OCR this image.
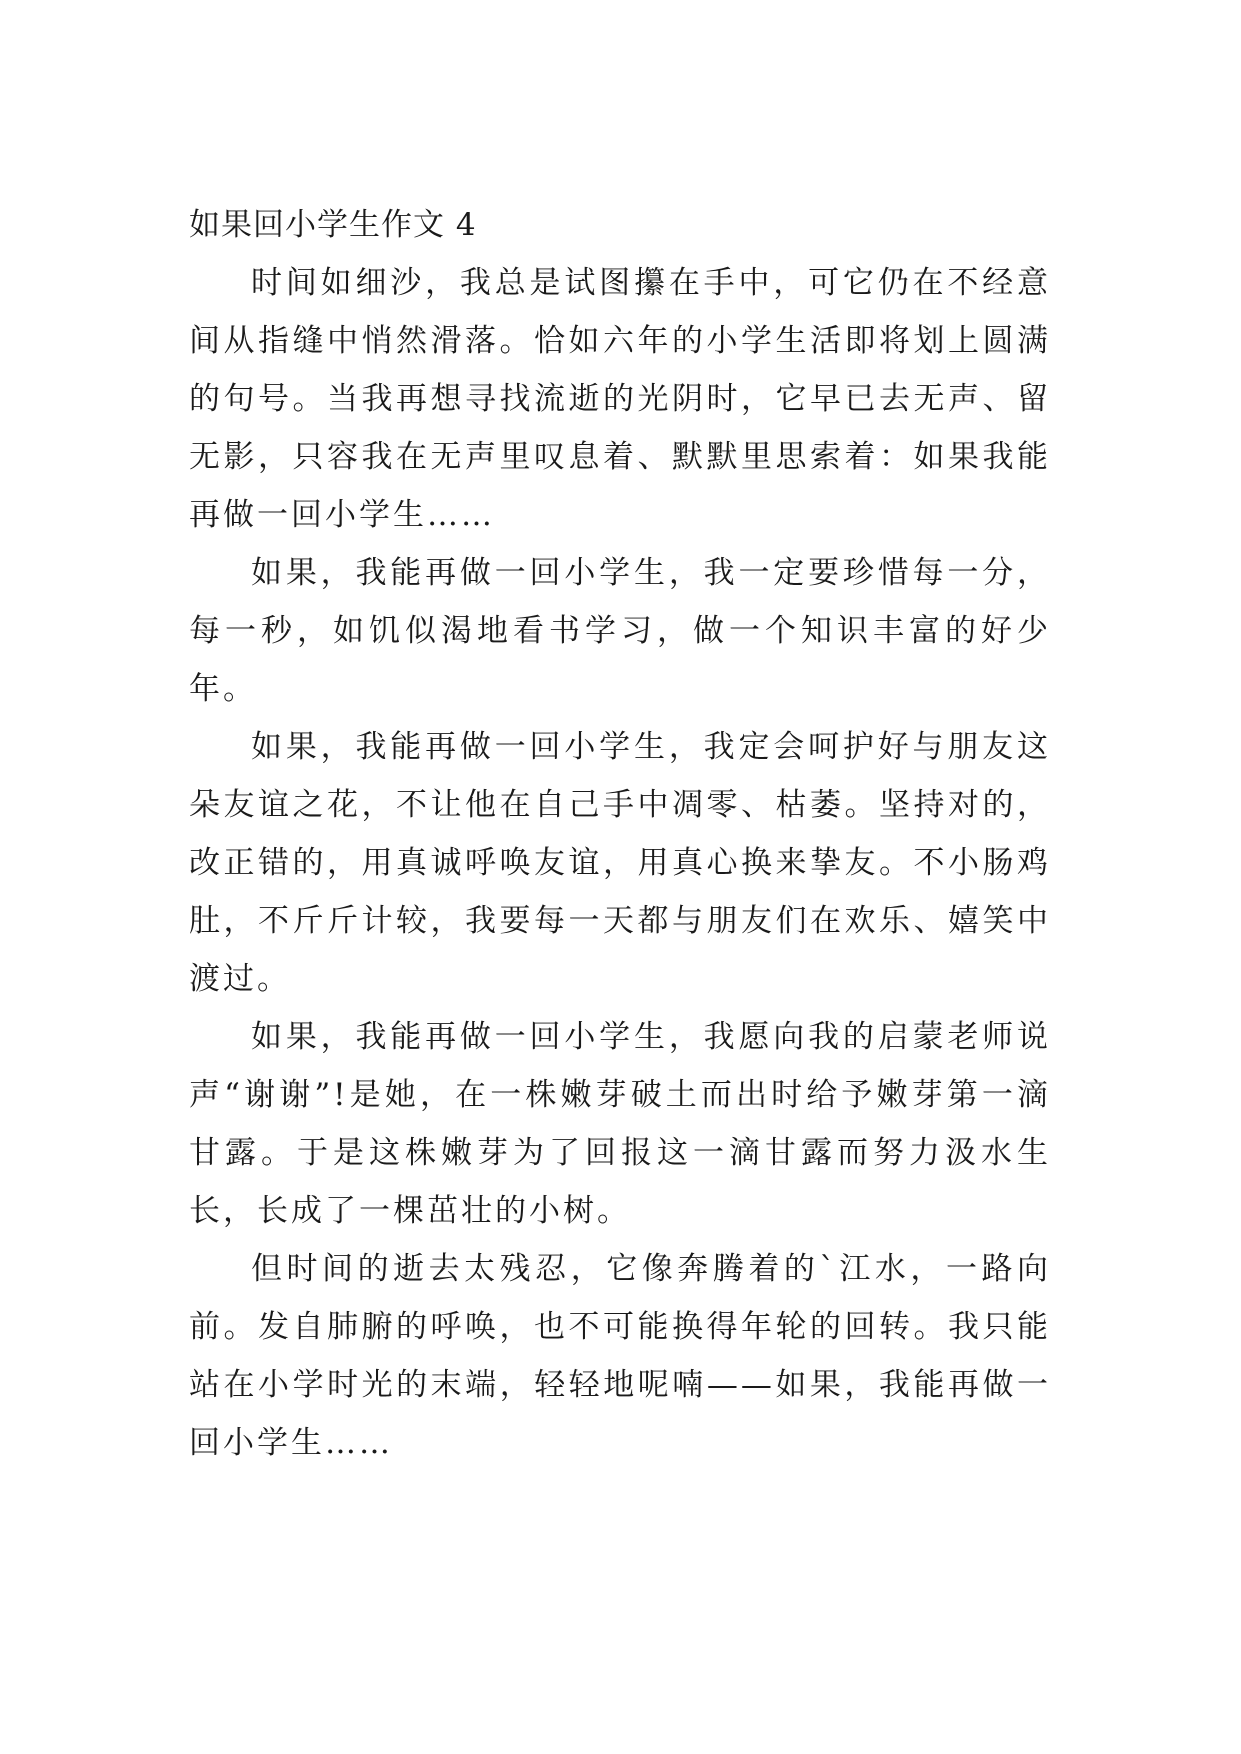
如果回小学生作文 4

时间如细沙，我总是试图攥在手中，可它仍在不经意间从指缝中悄然滑落。恰如六年的小学生活即将划上圆满的句号。当我再想寻找流逝的光阴时，它早已去无声、留无影，只容我在无声里叹息着、默默里思索着：如果我能再做一回小学生……

如果，我能再做一回小学生，我一定要珍惜每一分，每一秒，如饥似渴地看书学习，做一个知识丰富的好少年。

如果，我能再做一回小学生，我定会呵护好与朋友这朵友谊之花，不让他在自己手中凋零、枯萎。坚持对的，改正错的，用真诚呼唤友谊，用真心换来挚友。不小肠鸡肚，不斤斤计较，我要每一天都与朋友们在欢乐、嬉笑中渡过。

如果，我能再做一回小学生，我愿向我的启蒙老师说声“谢谢”!是她，在一株嫩芽破土而出时给予嫩芽第一滴甘露。于是这株嫩芽为了回报这一滴甘露而努力汲水生长，长成了一棵茁壮的小树。

但时间的逝去太残忍，它像奔腾着的`江水，一路向前。发自肺腑的呼唤，也不可能换得年轮的回转。我只能站在小学时光的末端，轻轻地呢喃——如果，我能再做一回小学生……
